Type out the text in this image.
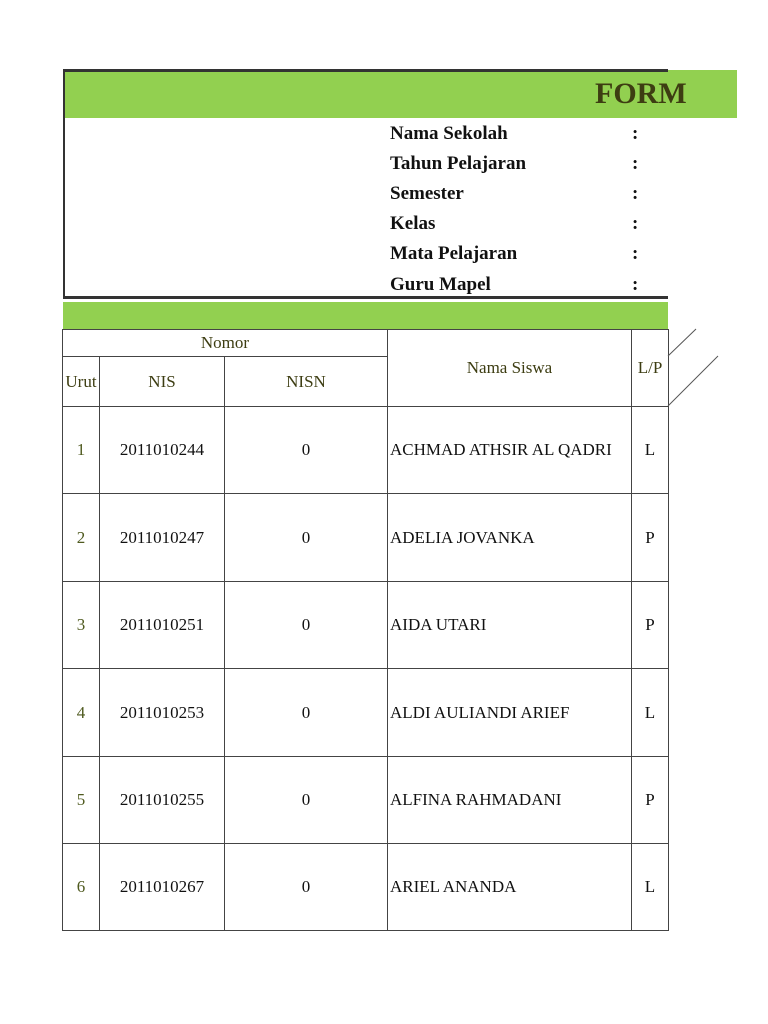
FORM
Nama Sekolah	:
Tahun Pelajaran	:
Semester	:
Kelas	:
Mata Pelajaran	:
Guru Mapel	:
Nomor
Urut	NIS	NISN
Nama Siswa	L/P
1	2011010244	0	ACHMAD ATHSIR AL QADRI	L
2	2011010247	0	ADELIA JOVANKA	P
3	2011010251	0	AIDA UTARI	P
4	2011010253	0	ALDI AULIANDI ARIEF	L
5	2011010255	0	ALFINA RAHMADANI	P
6	2011010267	0	ARIEL ANANDA	L
